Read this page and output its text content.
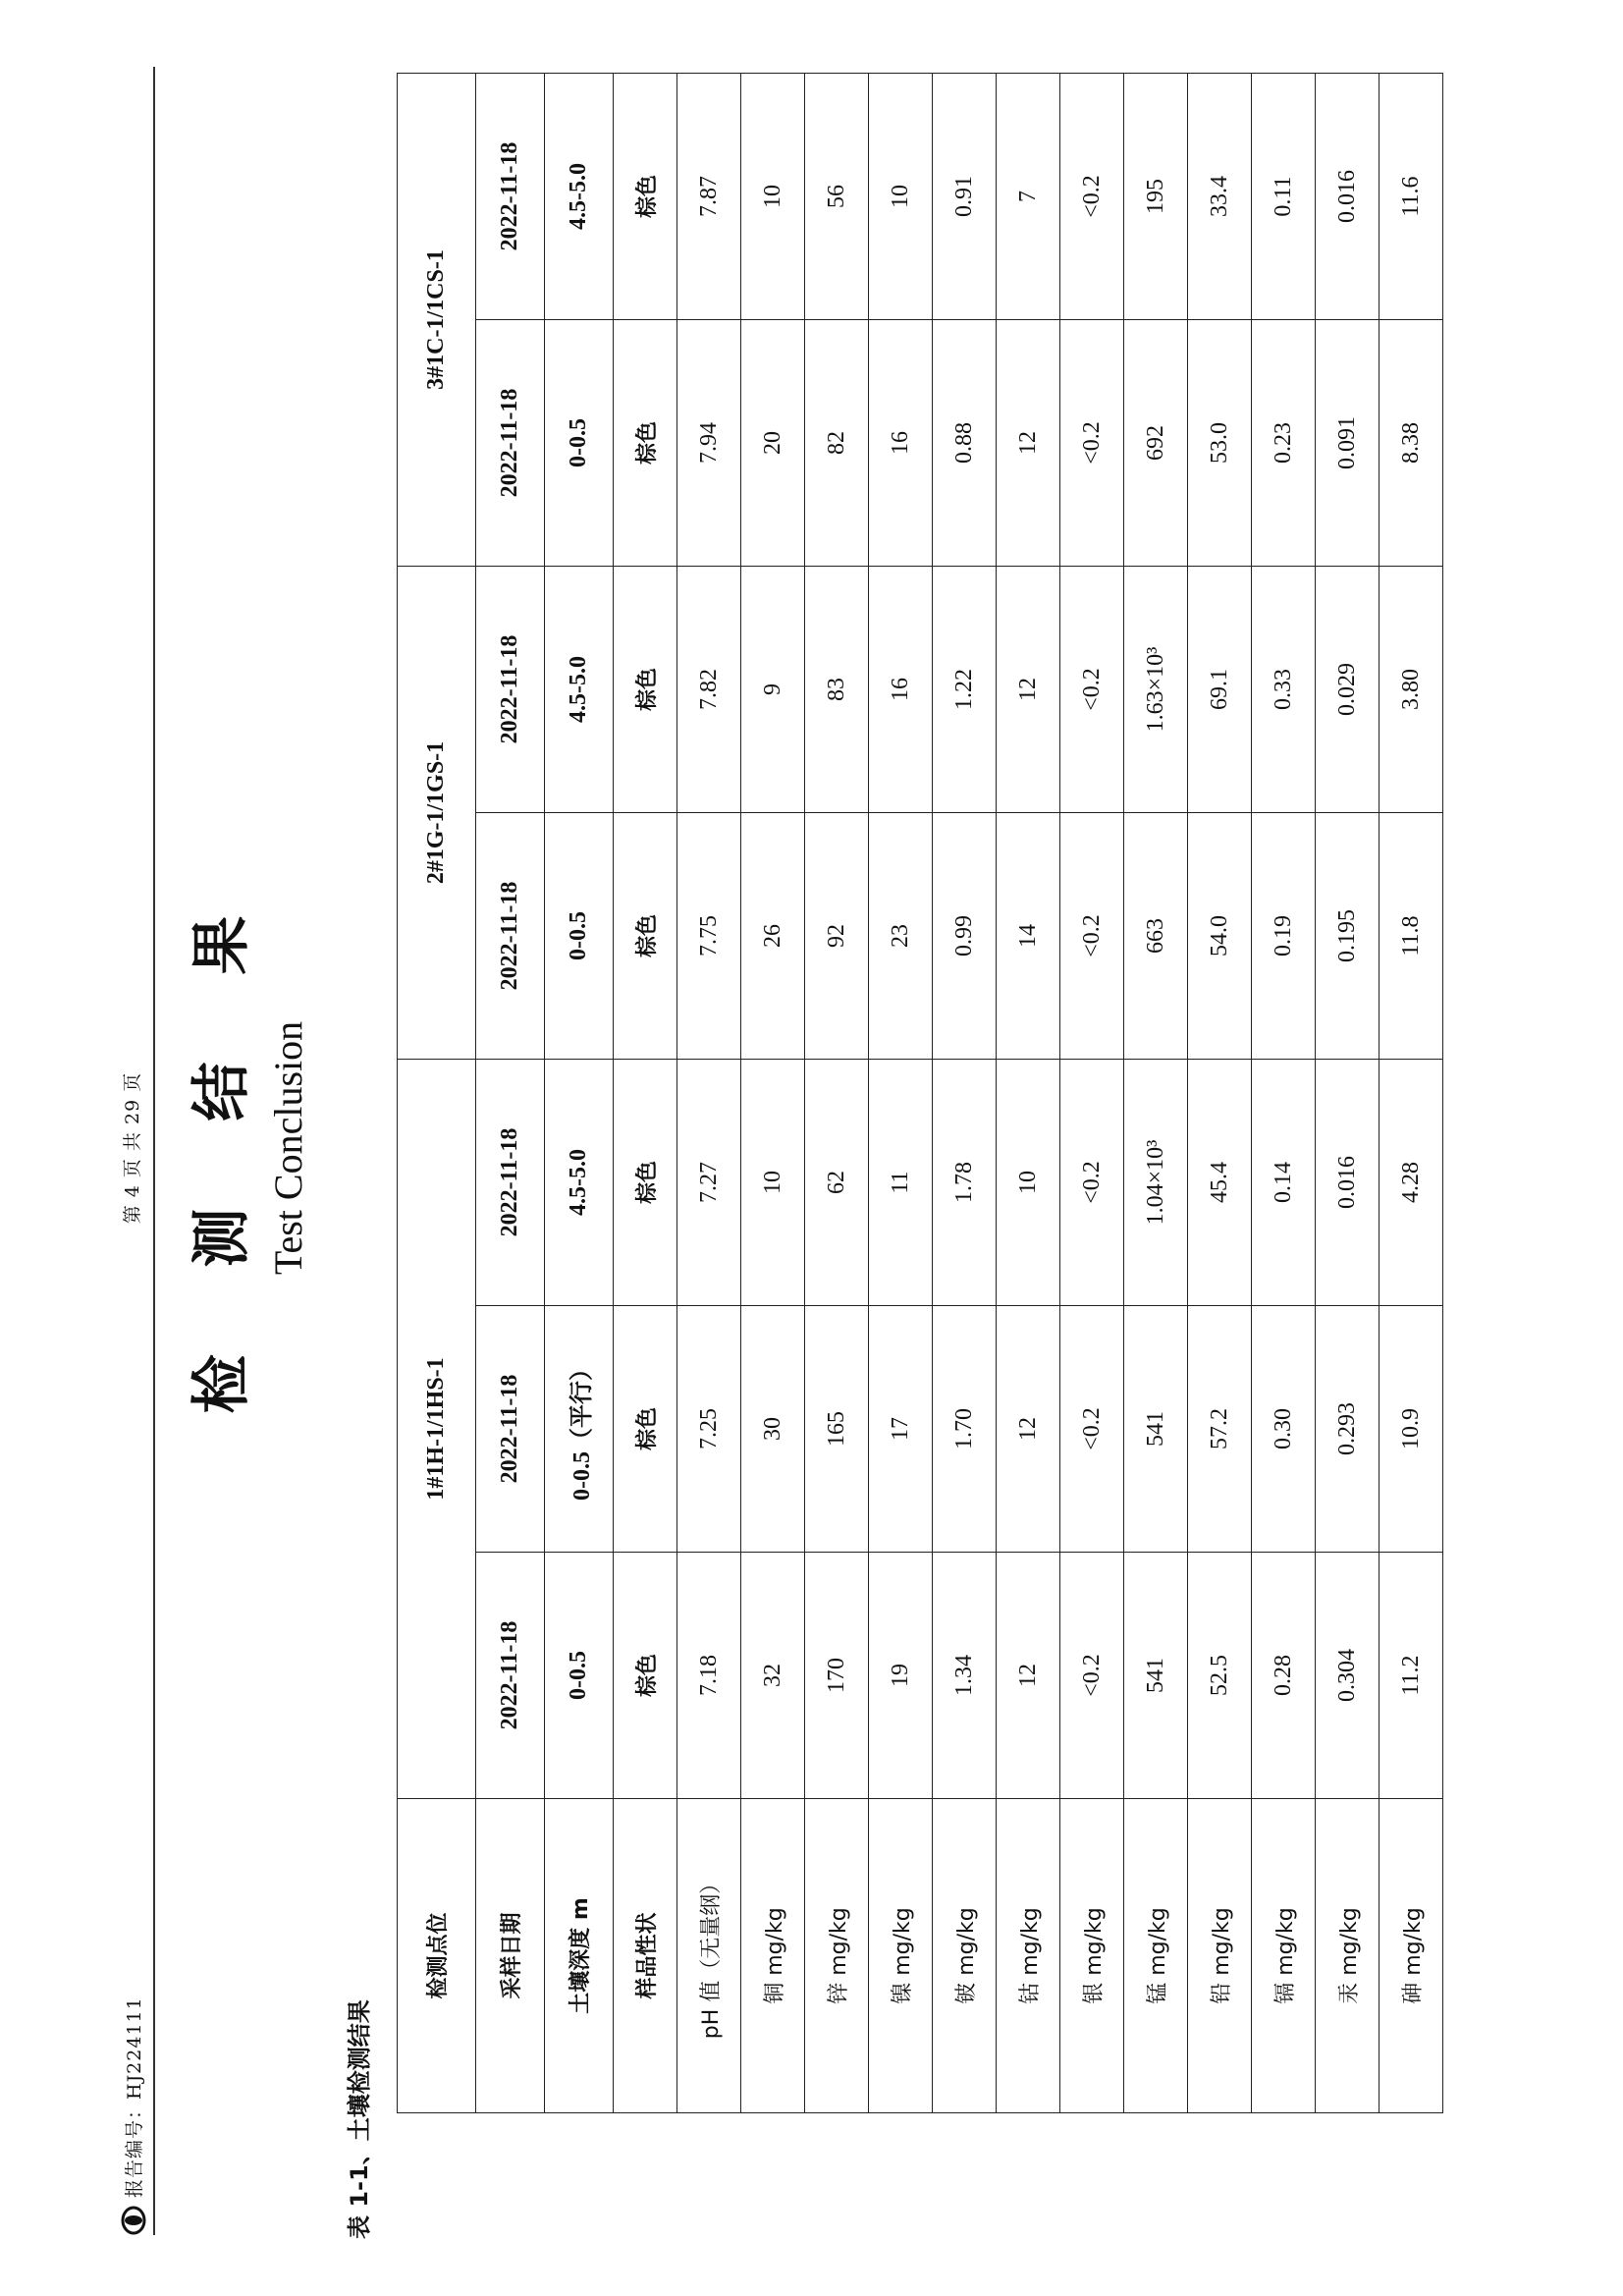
报告编号：HJ224111
第 4 页 共 29 页 检 测 结 果 Test Conclusion
表 1-1、土壤检测结果
检测点位	1#1H-1/1HS-1			2#1G-1/1GS-1		3#1C-1/1CS-1	
采样日期	2022-11-18	2022-11-18	2022-11-18	2022-11-18	2022-11-18	2022-11-18	2022-11-18
土壤深度 m	0-0.5	0-0.5（平行）	4.5-5.0	0-0.5	4.5-5.0	0-0.5	4.5-5.0
样品性状	棕色	棕色	棕色	棕色	棕色	棕色	棕色
pH 值（无量纲）	7.18	7.25	7.27	7.75	7.82	7.94	7.87
铜 mg/kg	32	30	10	26	9	20	10
锌 mg/kg	170	165	62	92	83	82	56
镍 mg/kg	19	17	11	23	16	16	10
铍 mg/kg	1.34	1.70	1.78	0.99	1.22	0.88	0.91
钴 mg/kg	12	12	10	14	12	12	7
银 mg/kg	<0.2	<0.2	<0.2	<0.2	<0.2	<0.2	<0.2
锰 mg/kg	541	541	1.04×10³	663	1.63×10³	692	195
铅 mg/kg	52.5	57.2	45.4	54.0	69.1	53.0	33.4
镉 mg/kg	0.28	0.30	0.14	0.19	0.33	0.23	0.11
汞 mg/kg	0.304	0.293	0.016	0.195	0.029	0.091	0.016
砷 mg/kg	11.2	10.9	4.28	11.8	3.80	8.38	11.6
